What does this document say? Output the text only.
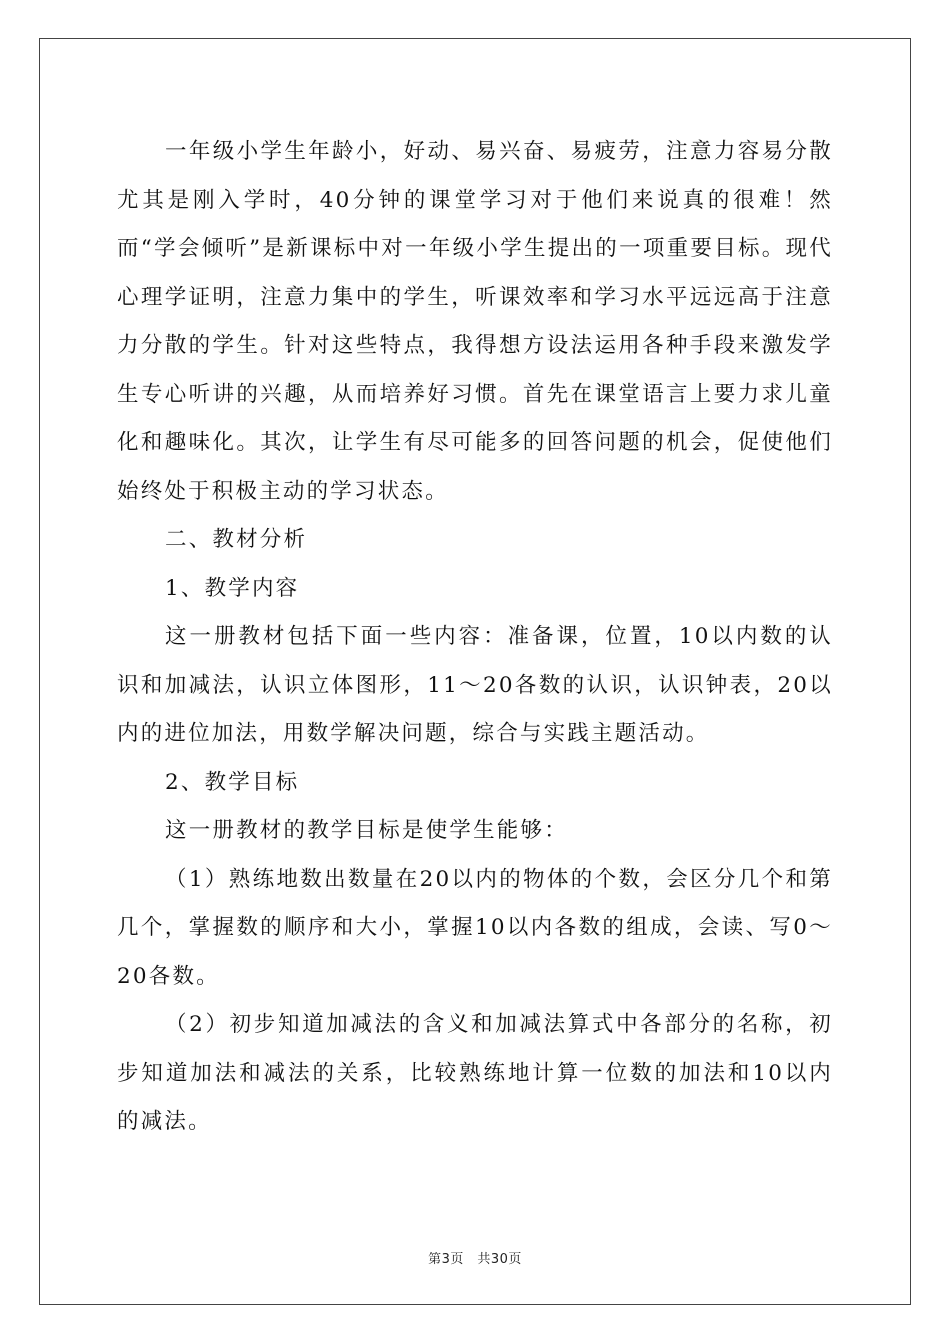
一年级小学生年龄小，好动、易兴奋、易疲劳，注意力容易分散尤其是刚入学时，40分钟的课堂学习对于他们来说真的很难！然而“学会倾听”是新课标中对一年级小学生提出的一项重要目标。现代心理学证明，注意力集中的学生，听课效率和学习水平远远高于注意力分散的学生。针对这些特点，我得想方设法运用各种手段来激发学生专心听讲的兴趣，从而培养好习惯。首先在课堂语言上要力求儿童化和趣味化。其次，让学生有尽可能多的回答问题的机会，促使他们始终处于积极主动的学习状态。

二、教材分析

1、教学内容

这一册教材包括下面一些内容：准备课，位置，10以内数的认识和加减法，认识立体图形，11～20各数的认识，认识钟表，20以内的进位加法，用数学解决问题，综合与实践主题活动。

2、教学目标

这一册教材的教学目标是使学生能够：

（1）熟练地数出数量在20以内的物体的个数，会区分几个和第几个，掌握数的顺序和大小，掌握10以内各数的组成，会读、写0～20各数。

（2）初步知道加减法的含义和加减法算式中各部分的名称，初步知道加法和减法的关系，比较熟练地计算一位数的加法和10以内的减法。

第3页　共30页
